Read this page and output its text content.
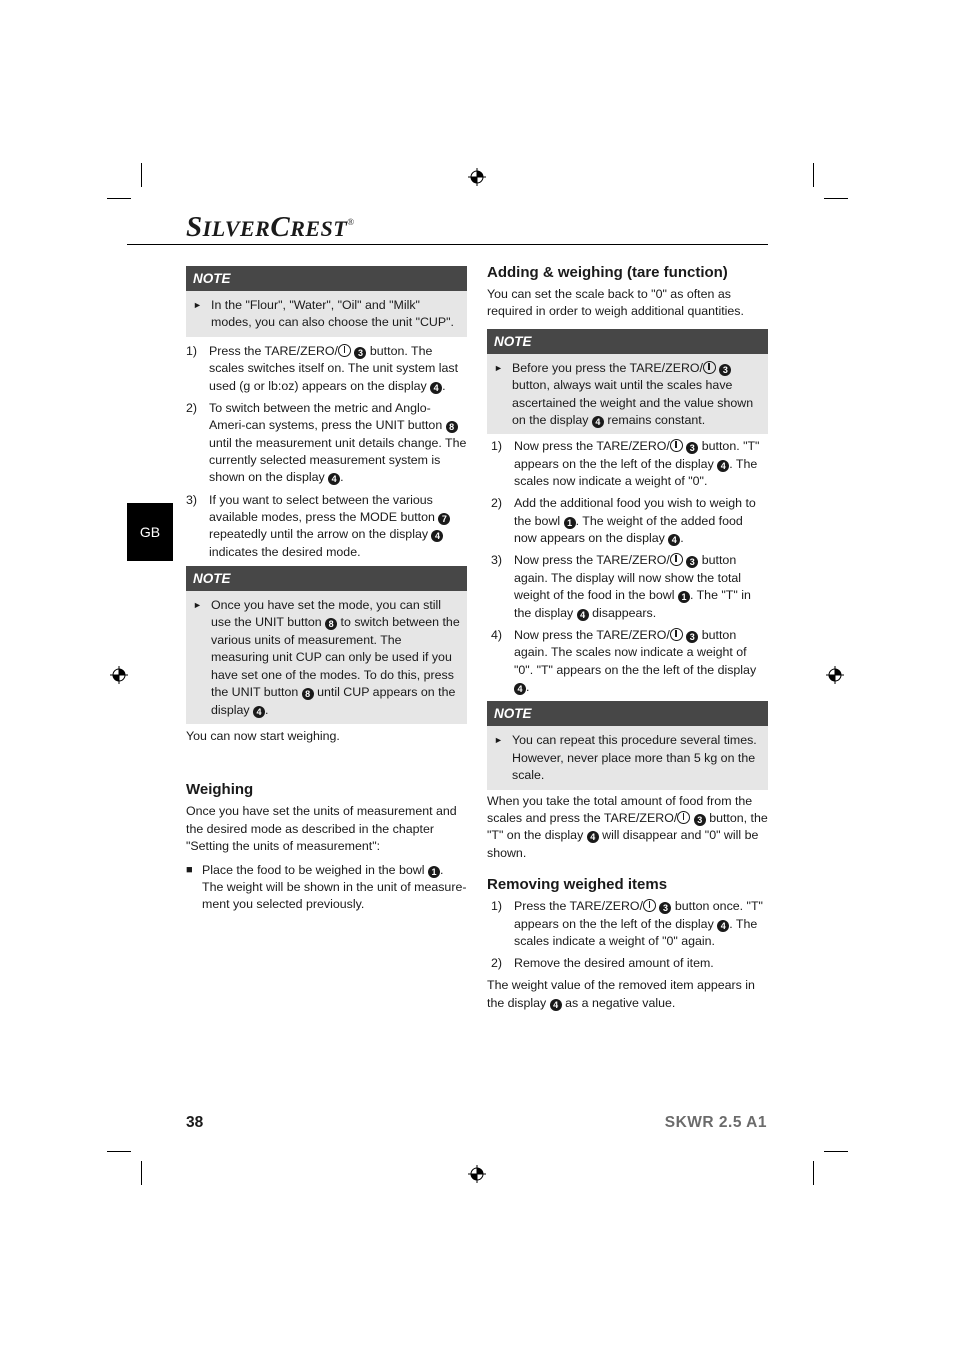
SILVERCREST®
GB
NOTE
► In the "Flour", "Water", "Oil" and "Milk" modes, you can also choose the unit "CUP".
1) Press the TARE/ZERO/ 3 button. The scales switches itself on. The unit system last used (g or lb:oz) appears on the display 4 .
2) To switch between the metric and Anglo-Ameri-can systems, press the UNIT button 8 until the measurement unit details change. The currently selected measurement system is shown on the display 4 .
3) If you want to select between the various available modes, press the MODE button 7 repeatedly until the arrow on the display 4 indicates the desired mode.
NOTE
► Once you have set the mode, you can still use the UNIT button 8 to switch between the various units of measurement. The measuring unit CUP can only be used if you have set one of the modes. To do this, press the UNIT button 8 until CUP appears on the display 4 .

You can now start weighing.

Weighing

Once you have set the units of measurement and the desired mode as described in the chapter "Setting the units of measurement":

■ Place the food to be weighed in the bowl 1 . The weight will be shown in the unit of measure-ment you selected previously.
Adding & weighing (tare function)

You can set the scale back to "0" as often as required in order to weigh additional quantities.

NOTE
► Before you press the TARE/ZERO/ 3 button, always wait until the scales have ascertained the weight and the value shown on the display 4 remains constant.
1) Now press the TARE/ZERO/ 3 button. "T" appears on the the left of the display 4 . The scales now indicate a weight of "0".
2) Add the additional food you wish to weigh to the bowl 1 . The weight of the added food now appears on the display 4 .
3) Now press the TARE/ZERO/ 3 button again. The display will now show the total weight of the food in the bowl 1 . The "T" in the display 4 disappears.
4) Now press the TARE/ZERO/ 3 button again. The scales now indicate a weight of "0". "T" appears on the the left of the display 4 .
NOTE
► You can repeat this procedure several times. However, never place more than 5 kg on the scale.

When you take the total amount of food from the scales and press the TARE/ZERO/ 3 button, the "T" on the display 4 will disappear and "0" will be shown.

Removing weighed items
1) Press the TARE/ZERO/ 3 button once. "T" appears on the the left of the display 4 . The scales indicate a weight of "0" again.
2) Remove the desired amount of item.

The weight value of the removed item appears in the display 4 as a negative value.

38	SKWR 2.5 A1
